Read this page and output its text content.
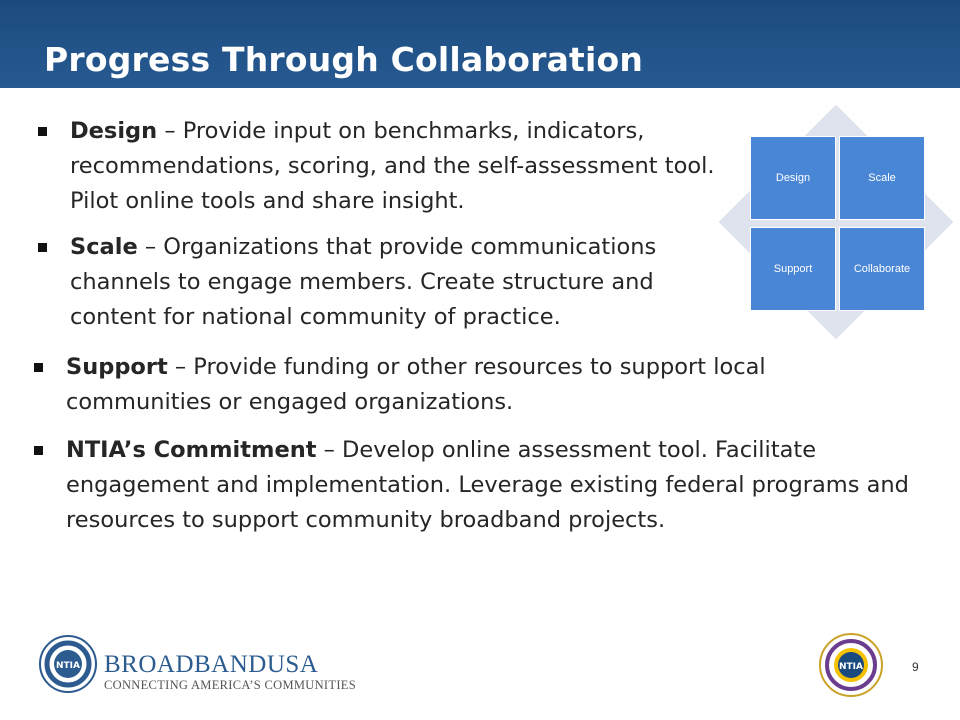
Progress Through Collaboration
Design – Provide input on benchmarks, indicators, recommendations, scoring, and the self-assessment tool. Pilot online tools and share insight.
Scale – Organizations that provide communications channels to engage members. Create structure and content for national community of practice.
Support – Provide funding or other resources to support local communities or engaged organizations.
NTIA’s Commitment – Develop online assessment tool. Facilitate engagement and implementation. Leverage existing federal programs and resources to support community broadband projects.
Design	Scale
Support	Collaborate
NTIA BROADBANDUSA
CONNECTING AMERICA’S COMMUNITIES
NTIA	9
